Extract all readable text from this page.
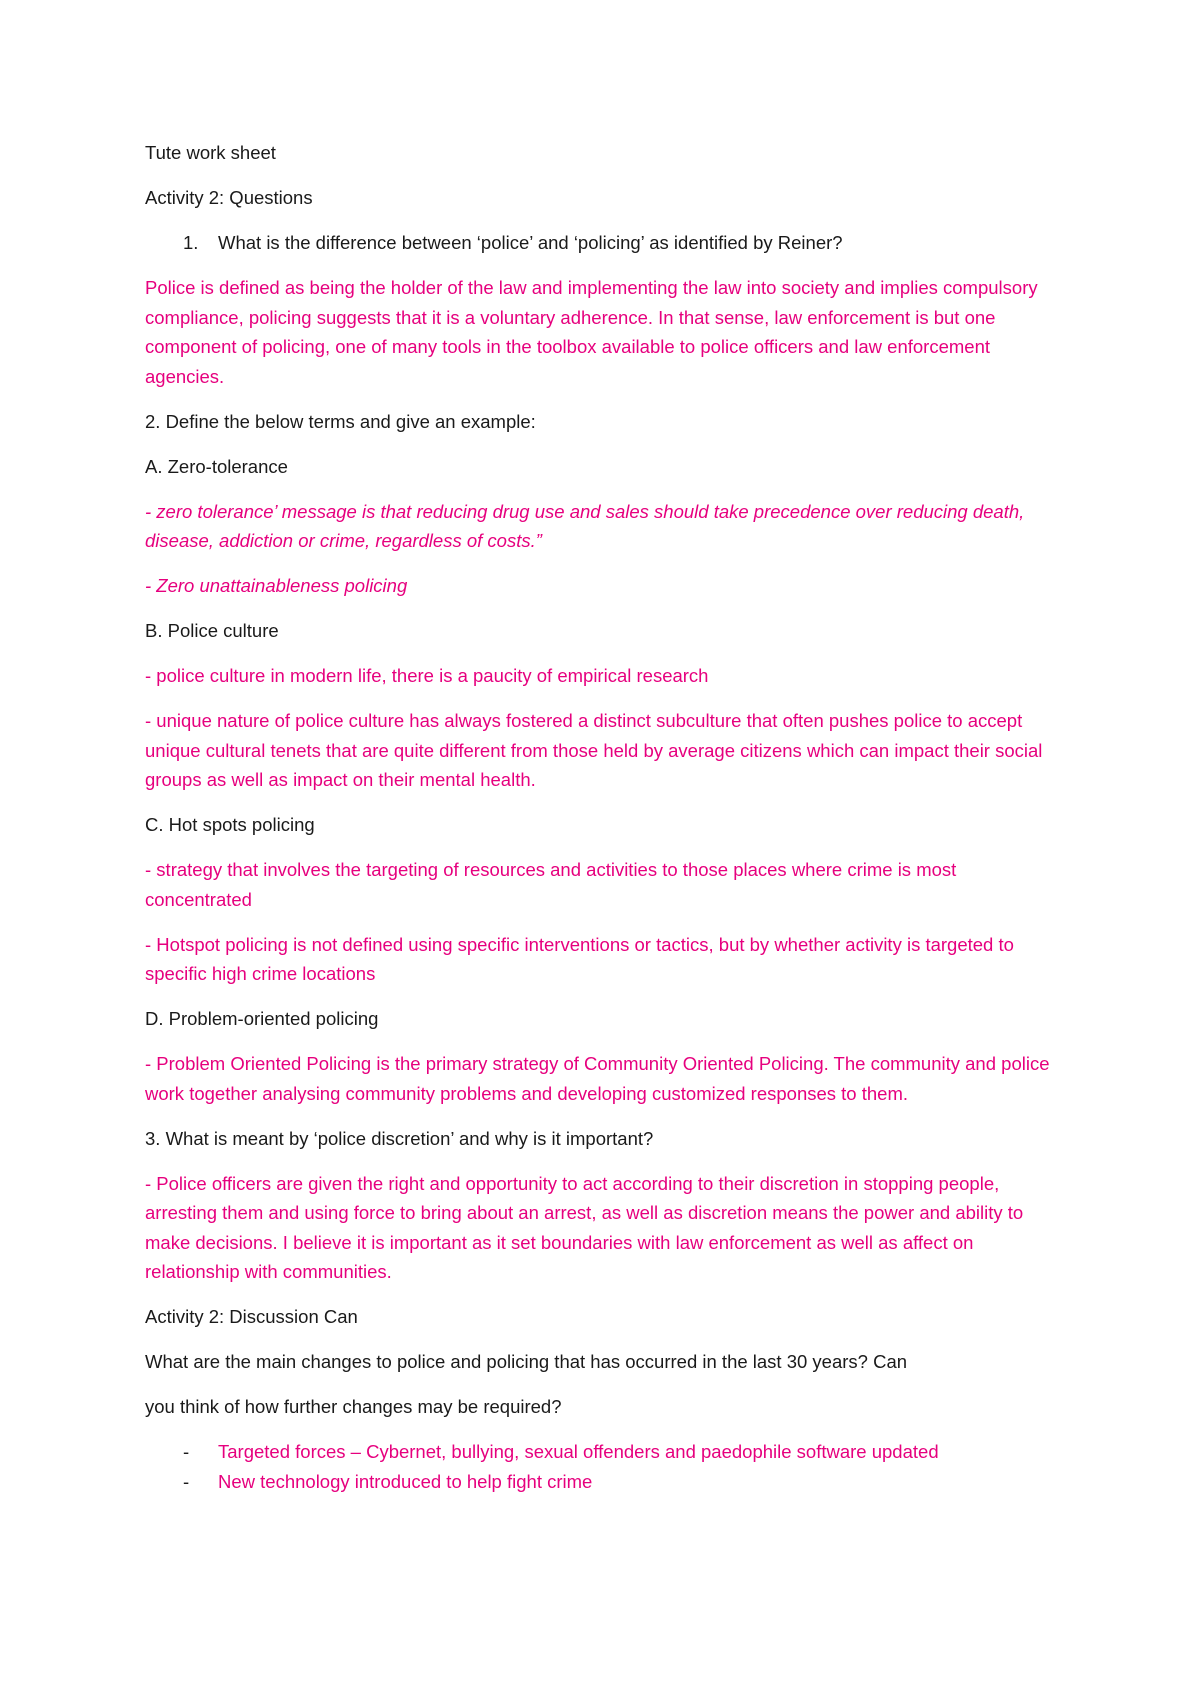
Tute work sheet

Activity 2: Questions

1.	What is the difference between ‘police’ and ‘policing’ as identified by Reiner?

Police is defined as being the holder of the law and implementing the law into society and implies compulsory compliance, policing suggests that it is a voluntary adherence. In that sense, law enforcement is but one component of policing, one of many tools in the toolbox available to police officers and law enforcement agencies.

2. Define the below terms and give an example:

A. Zero-tolerance

- zero tolerance’ message is that reducing drug use and sales should take precedence over reducing death, disease, addiction or crime, regardless of costs.”

- Zero unattainableness policing

B. Police culture

- police culture in modern life, there is a paucity of empirical research

- unique nature of police culture has always fostered a distinct subculture that often pushes police to accept unique cultural tenets that are quite different from those held by average citizens which can impact their social groups as well as impact on their mental health.

C. Hot spots policing

- strategy that involves the targeting of resources and activities to those places where crime is most concentrated

- Hotspot policing is not defined using specific interventions or tactics, but by whether activity is targeted to specific high crime locations

D. Problem-oriented policing

- Problem Oriented Policing is the primary strategy of Community Oriented Policing. The community and police work together analysing community problems and developing customized responses to them.

3. What is meant by ‘police discretion’ and why is it important?

- Police officers are given the right and opportunity to act according to their discretion in stopping people, arresting them and using force to bring about an arrest, as well as discretion means the power and ability to make decisions. I believe it is important as it set boundaries with law enforcement as well as affect on relationship with communities.

Activity 2: Discussion Can

What are the main changes to police and policing that has occurred in the last 30 years? Can

you think of how further changes may be required?

-	Targeted forces – Cybernet, bullying, sexual offenders and paedophile software updated
-	New technology introduced to help fight crime
